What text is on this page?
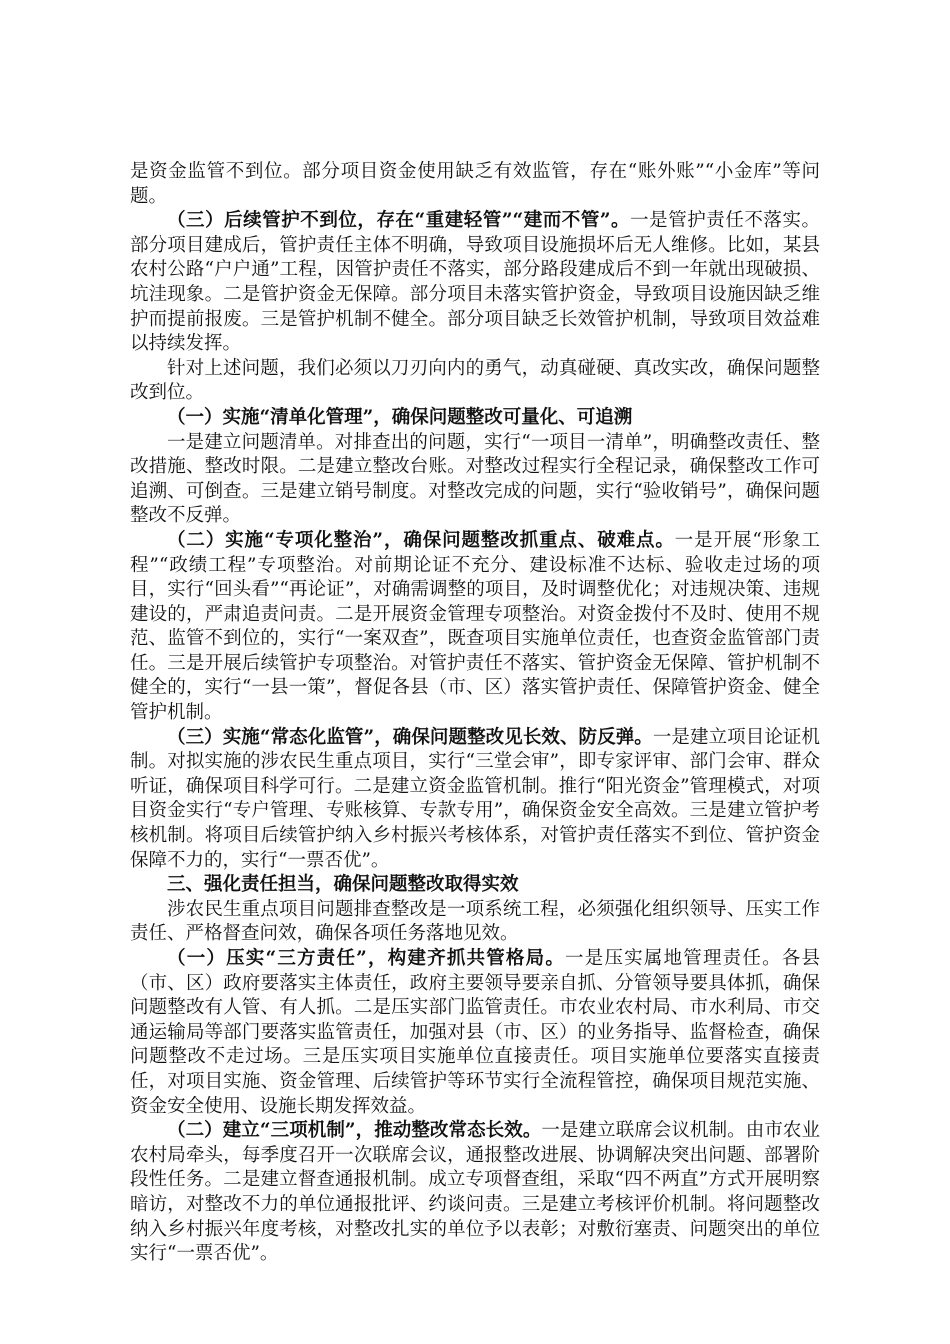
是资金监管不到位。部分项目资金使用缺乏有效监管，存在“账外账”“小金库”等问题。

（三）后续管护不到位，存在“重建轻管”“建而不管”。一是管护责任不落实。部分项目建成后，管护责任主体不明确，导致项目设施损坏后无人维修。比如，某县农村公路“户户通”工程，因管护责任不落实，部分路段建成后不到一年就出现破损、坑洼现象。二是管护资金无保障。部分项目未落实管护资金，导致项目设施因缺乏维护而提前报废。三是管护机制不健全。部分项目缺乏长效管护机制，导致项目效益难以持续发挥。

针对上述问题，我们必须以刀刃向内的勇气，动真碰硬、真改实改，确保问题整改到位。

（一）实施“清单化管理”，确保问题整改可量化、可追溯

一是建立问题清单。对排查出的问题，实行“一项目一清单”，明确整改责任、整改措施、整改时限。二是建立整改台账。对整改过程实行全程记录，确保整改工作可追溯、可倒查。三是建立销号制度。对整改完成的问题，实行“验收销号”，确保问题整改不反弹。

（二）实施“专项化整治”，确保问题整改抓重点、破难点。一是开展“形象工程”“政绩工程”专项整治。对前期论证不充分、建设标准不达标、验收走过场的项目，实行“回头看”“再论证”，对确需调整的项目，及时调整优化；对违规决策、违规建设的，严肃追责问责。二是开展资金管理专项整治。对资金拨付不及时、使用不规范、监管不到位的，实行“一案双查”，既查项目实施单位责任，也查资金监管部门责任。三是开展后续管护专项整治。对管护责任不落实、管护资金无保障、管护机制不健全的，实行“一县一策”，督促各县（市、区）落实管护责任、保障管护资金、健全管护机制。

（三）实施“常态化监管”，确保问题整改见长效、防反弹。一是建立项目论证机制。对拟实施的涉农民生重点项目，实行“三堂会审”，即专家评审、部门会审、群众听证，确保项目科学可行。二是建立资金监管机制。推行“阳光资金”管理模式，对项目资金实行“专户管理、专账核算、专款专用”，确保资金安全高效。三是建立管护考核机制。将项目后续管护纳入乡村振兴考核体系，对管护责任落实不到位、管护资金保障不力的，实行“一票否优”。

三、强化责任担当，确保问题整改取得实效

涉农民生重点项目问题排查整改是一项系统工程，必须强化组织领导、压实工作责任、严格督查问效，确保各项任务落地见效。

（一）压实“三方责任”，构建齐抓共管格局。一是压实属地管理责任。各县（市、区）政府要落实主体责任，政府主要领导要亲自抓、分管领导要具体抓，确保问题整改有人管、有人抓。二是压实部门监管责任。市农业农村局、市水利局、市交通运输局等部门要落实监管责任，加强对县（市、区）的业务指导、监督检查，确保问题整改不走过场。三是压实项目实施单位直接责任。项目实施单位要落实直接责任，对项目实施、资金管理、后续管护等环节实行全流程管控，确保项目规范实施、资金安全使用、设施长期发挥效益。

（二）建立“三项机制”，推动整改常态长效。一是建立联席会议机制。由市农业农村局牵头，每季度召开一次联席会议，通报整改进展、协调解决突出问题、部署阶段性任务。二是建立督查通报机制。成立专项督查组，采取“四不两直”方式开展明察暗访，对整改不力的单位通报批评、约谈问责。三是建立考核评价机制。将问题整改纳入乡村振兴年度考核，对整改扎实的单位予以表彰；对敷衍塞责、问题突出的单位实行“一票否优”。
